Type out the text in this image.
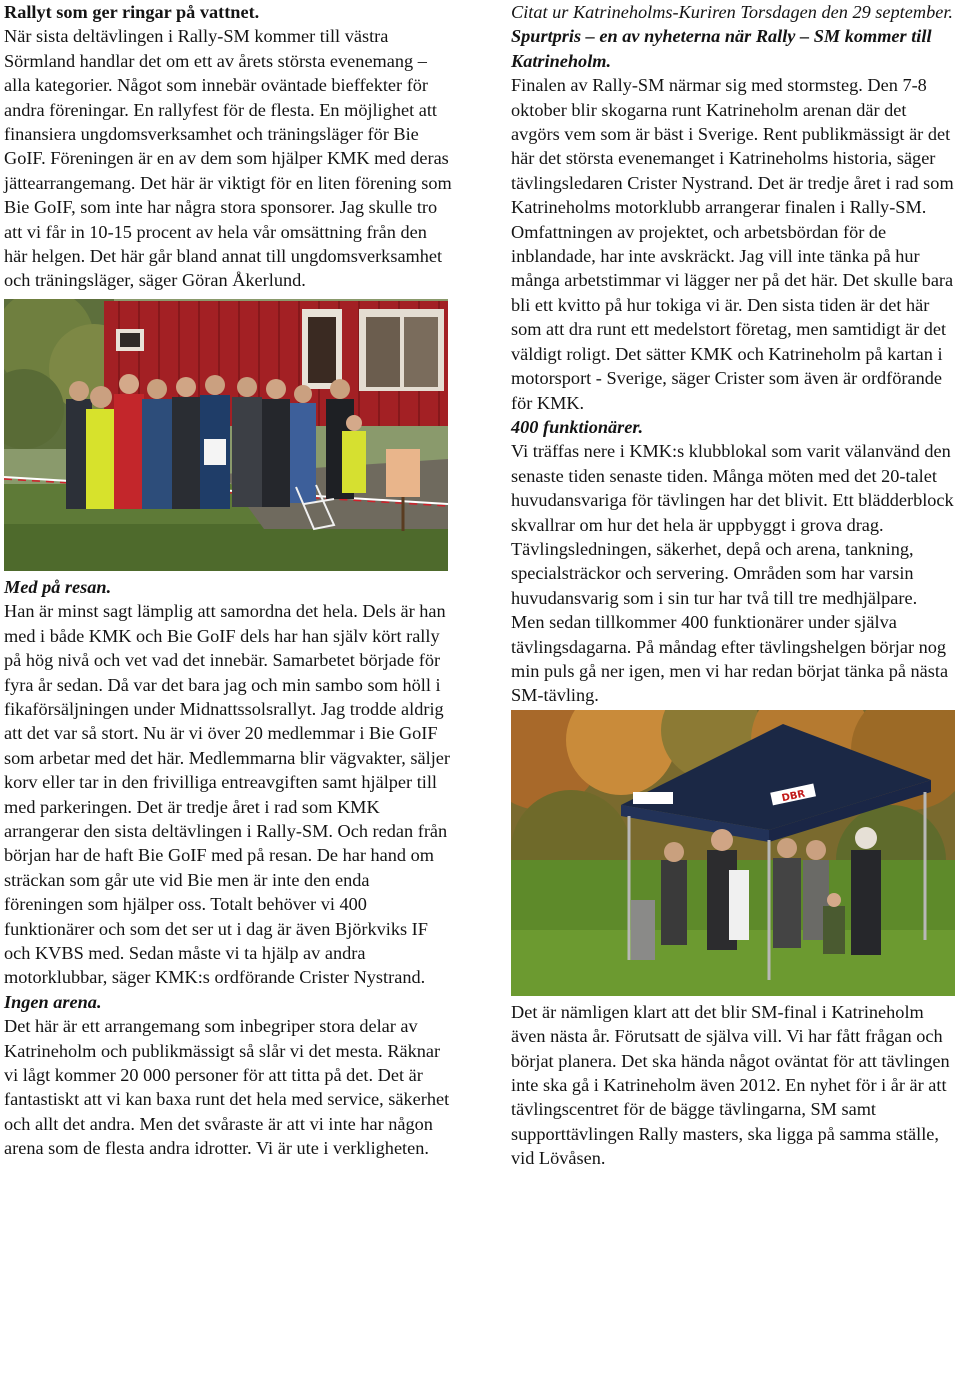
Rallyt som ger ringar på vattnet.
När sista deltävlingen i Rally-SM kommer till västra Sörmland handlar det om ett av årets största evenemang – alla kategorier. Något som innebär oväntade bieffekter för andra föreningar. En rallyfest för de flesta. En möjlighet att finansiera ungdomsverksamhet och träningsläger för Bie GoIF. Föreningen är en av dem som hjälper KMK med deras jättearrangemang. Det här är viktigt för en liten förening som Bie GoIF, som inte har några stora sponsorer. Jag skulle tro att vi får in 10-15 procent av hela vår omsättning från den här helgen. Det här går bland annat till ungdomsverksamhet och träningsläger, säger Göran Åkerlund.

Med på resan.

Han är minst sagt lämplig att samordna det hela. Dels är han med i både KMK och Bie GoIF dels har han själv kört rally på hög nivå och vet vad det innebär. Samarbetet började för fyra år sedan. Då var det bara jag och min sambo som höll i fikaförsäljningen under Midnattssolsrallyt. Jag trodde aldrig att det var så stort. Nu är vi över 20 medlemmar i Bie GoIF som arbetar med det här. Medlemmarna blir vägvakter, säljer korv eller tar in den frivilliga entreavgiften samt hjälper till med parkeringen. Det är tredje året i rad som KMK arrangerar den sista deltävlingen i Rally-SM. Och redan från början har de haft Bie GoIF med på resan. De har hand om sträckan som går ute vid Bie men är inte den enda föreningen som hjälper oss. Totalt behöver vi 400 funktionärer och som det ser ut i dag är även Björkviks IF och KVBS med. Sedan måste vi ta hjälp av andra motorklubbar, säger KMK:s ordförande Crister Nystrand.

Ingen arena.

Det här är ett arrangemang som inbegriper stora delar av Katrineholm och publikmässigt så slår vi det mesta. Räknar vi lågt kommer 20 000 personer för att titta på det. Det är fantastiskt att vi kan baxa runt det hela med service, säkerhet och allt det andra. Men det svåraste är att vi inte har någon arena som de flesta andra idrotter. Vi är ute i verkligheten.

Citat ur Katrineholms-Kuriren Torsdagen den 29 september.

Spurtpris – en av nyheterna när Rally – SM kommer till Katrineholm.

Finalen av Rally-SM närmar sig med stormsteg. Den 7-8 oktober blir skogarna runt Katrineholm arenan där det avgörs vem som är bäst i Sverige. Rent publikmässigt är det här det största evenemanget i Katrineholms historia, säger tävlingsledaren Crister Nystrand. Det är tredje året i rad som Katrineholms motorklubb arrangerar finalen i Rally-SM. Omfattningen av projektet, och arbetsbördan för de inblandade, har inte avskräckt. Jag vill inte tänka på hur många arbetstimmar vi lägger ner på det här. Det skulle bara bli ett kvitto på hur tokiga vi är. Den sista tiden är det här som att dra runt ett medelstort företag, men samtidigt är det väldigt roligt. Det sätter KMK och Katrineholm på kartan i motorsport - Sverige, säger Crister som även är ordförande för KMK.

400 funktionärer.

Vi träffas nere i KMK:s klubblokal som varit välanvänd den senaste tiden senaste tiden. Många möten med det 20-talet huvudansvariga för tävlingen har det blivit. Ett blädderblock skvallrar om hur det hela är uppbyggt i grova drag. Tävlingsledningen, säkerhet, depå och arena, tankning, specialsträckor och servering. Områden som har varsin huvudansvarig som i sin tur har två till tre medhjälpare. Men sedan tillkommer 400 funktionärer under själva tävlingsdagarna. På måndag efter tävlingshelgen börjar nog min puls gå ner igen, men vi har redan börjat tänka på nästa SM-tävling.

DBR

Det är nämligen klart att det blir SM-final i Katrineholm även nästa år. Förutsatt de själva vill. Vi har fått frågan och börjat planera. Det ska hända något oväntat för att tävlingen inte ska gå i Katrineholm även 2012. En nyhet för i år är att tävlingscentret för de bägge tävlingarna, SM samt supporttävlingen Rally masters, ska ligga på samma ställe, vid Lövåsen.
